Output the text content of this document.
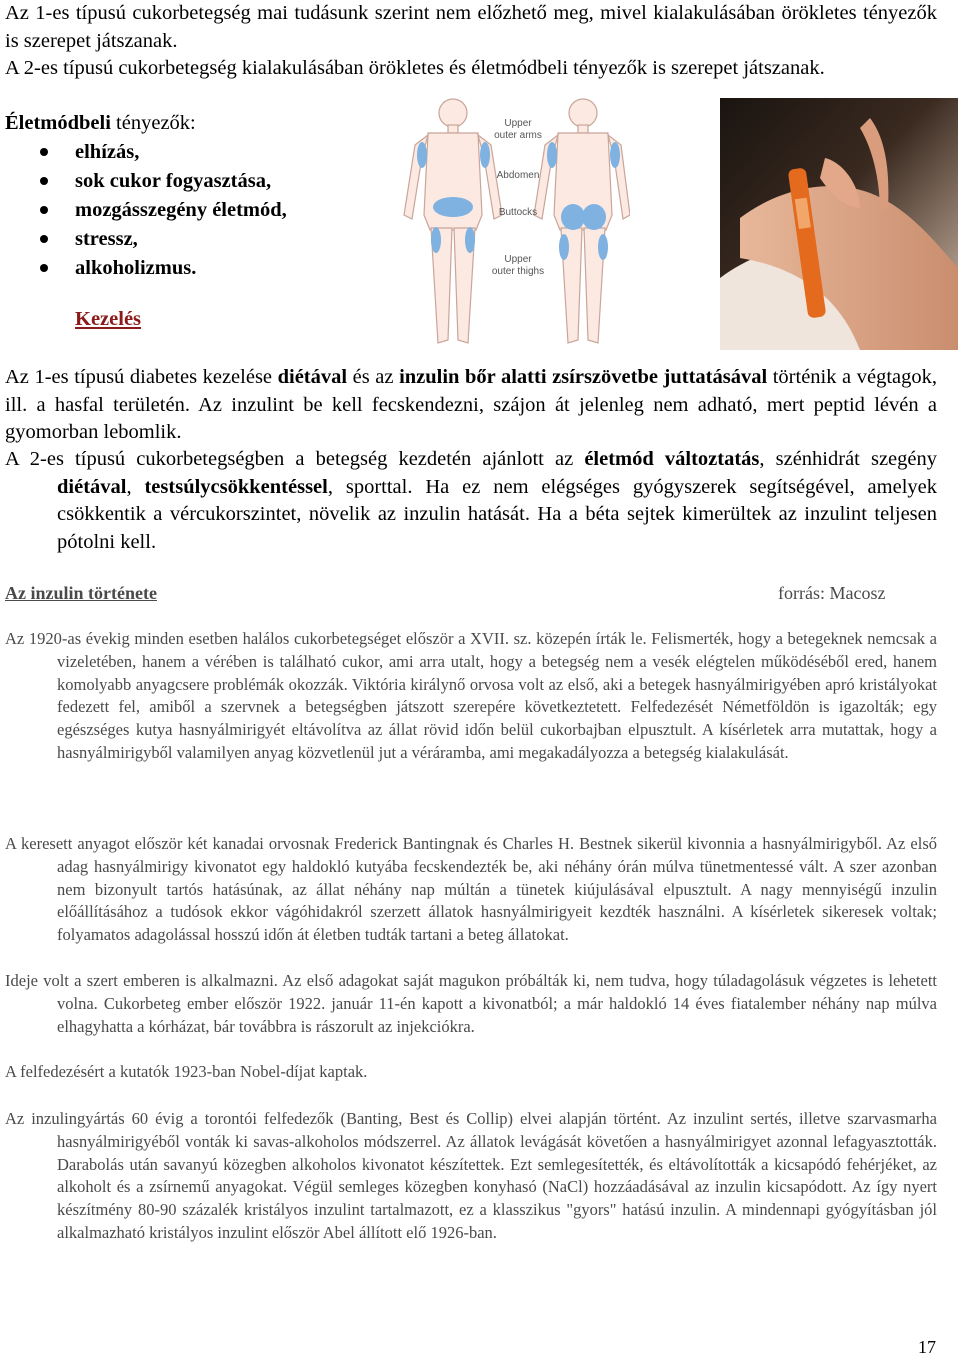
Az 1-es típusú cukorbetegség mai tudásunk szerint nem előzhető meg, mivel kialakulásában örökletes tényezők is szerepet játszanak.
A 2-es típusú cukorbetegség kialakulásában örökletes és életmódbeli tényezők is szerepet játszanak.
Életmódbeli tényezők:
elhízás,
sok cukor fogyasztása,
mozgásszegény életmód,
stressz,
alkoholizmus.
Upper
outer arms
Abdomen
Buttocks
Upper
outer thighs
Kezelés
Az 1-es típusú diabetes kezelése diétával és az inzulin bőr alatti zsírszövetbe juttatásával történik a végtagok, ill. a hasfal területén. Az inzulint be kell fecskendezni, szájon át jelenleg nem adható, mert peptid lévén a gyomorban lebomlik.
A 2-es típusú cukorbetegségben a betegség kezdetén ajánlott az életmód változtatás, szénhidrát szegény diétával, testsúlycsökkentéssel, sporttal. Ha ez nem elégséges gyógyszerek segítségével, amelyek csökkentik a vércukorszintet, növelik az inzulin hatását. Ha a béta sejtek kimerültek az inzulint teljesen pótolni kell.
Az inzulin története	forrás: Macosz
Az 1920-as évekig minden esetben halálos cukorbetegséget először a XVII. sz. közepén írták le. Felismerték, hogy a betegeknek nemcsak a vizeletében, hanem a vérében is található cukor, ami arra utalt, hogy a betegség nem a vesék elégtelen működéséből ered, hanem komolyabb anyagcsere problémák okozzák. Viktória királynő orvosa volt az első, aki a betegek hasnyálmirigyében apró kristályokat fedezett fel, amiből a szervnek a betegségben játszott szerepére következtetett. Felfedezését Németföldön is igazolták; egy egészséges kutya hasnyálmirigyét eltávolítva az állat rövid időn belül cukorbajban elpusztult. A kísérletek arra mutattak, hogy a hasnyálmirigyből valamilyen anyag közvetlenül jut a véráramba, ami megakadályozza a betegség kialakulását.
A keresett anyagot először két kanadai orvosnak Frederick Bantingnak és Charles H. Bestnek sikerül kivonnia a hasnyálmirigyből. Az első adag hasnyálmirigy kivonatot egy haldokló kutyába fecskendezték be, aki néhány órán múlva tünetmentessé vált. A szer azonban nem bizonyult tartós hatásúnak, az állat néhány nap múltán a tünetek kiújulásával elpusztult. A nagy mennyiségű inzulin előállításához a tudósok ekkor vágóhidakról szerzett állatok hasnyálmirigyeit kezdték használni. A kísérletek sikeresek voltak; folyamatos adagolással hosszú időn át életben tudták tartani a beteg állatokat.
Ideje volt a szert emberen is alkalmazni. Az első adagokat saját magukon próbálták ki, nem tudva, hogy túladagolásuk végzetes is lehetett volna. Cukorbeteg ember először 1922. január 11-én kapott a kivonatból; a már haldokló 14 éves fiatalember néhány nap múlva elhagyhatta a kórházat, bár továbbra is rászorult az injekciókra.
A felfedezésért a kutatók 1923-ban Nobel-díjat kaptak.
Az inzulingyártás 60 évig a torontói felfedezők (Banting, Best és Collip) elvei alapján történt. Az inzulint sertés, illetve szarvasmarha hasnyálmirigyéből vonták ki savas-alkoholos módszerrel. Az állatok levágását követően a hasnyálmirigyet azonnal lefagyasztották. Darabolás után savanyú közegben alkoholos kivonatot készítettek. Ezt semlegesítették, és eltávolították a kicsapódó fehérjéket, az alkoholt és a zsírnemű anyagokat. Végül semleges közegben konyhasó (NaCl) hozzáadásával az inzulin kicsapódott. Az így nyert készítmény 80-90 százalék kristályos inzulint tartalmazott, ez a klasszikus "gyors" hatású inzulin. A mindennapi gyógyításban jól alkalmazható kristályos inzulint először Abel állított elő 1926-ban.
17
